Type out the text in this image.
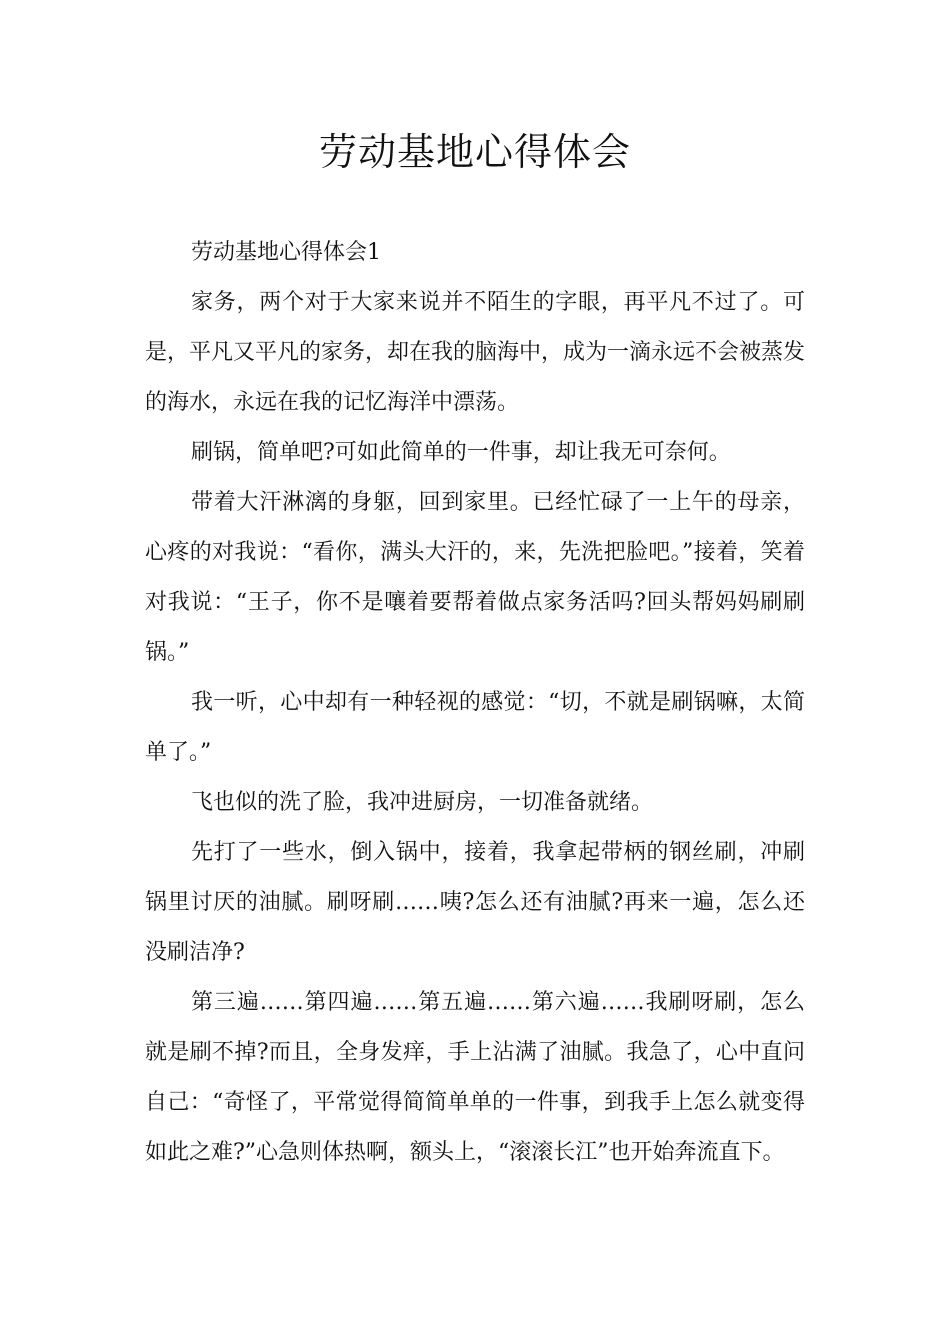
劳动基地心得体会

劳动基地心得体会1

家务，两个对于大家来说并不陌生的字眼，再平凡不过了。可是，平凡又平凡的家务，却在我的脑海中，成为一滴永远不会被蒸发的海水，永远在我的记忆海洋中漂荡。

刷锅，简单吧?可如此简单的一件事，却让我无可奈何。

带着大汗淋漓的身躯，回到家里。已经忙碌了一上午的母亲，心疼的对我说：“看你，满头大汗的，来，先洗把脸吧。”接着，笑着对我说：“王子，你不是嚷着要帮着做点家务活吗?回头帮妈妈刷刷锅。”

我一听，心中却有一种轻视的感觉：“切，不就是刷锅嘛，太简单了。”

飞也似的洗了脸，我冲进厨房，一切准备就绪。

先打了一些水，倒入锅中，接着，我拿起带柄的钢丝刷，冲刷锅里讨厌的油腻。刷呀刷……咦?怎么还有油腻?再来一遍，怎么还没刷洁净?

第三遍……第四遍……第五遍……第六遍……我刷呀刷，怎么就是刷不掉?而且，全身发痒，手上沾满了油腻。我急了，心中直问自己：“奇怪了，平常觉得简简单单的一件事，到我手上怎么就变得如此之难?”心急则体热啊，额头上，“滚滚长江”也开始奔流直下。
